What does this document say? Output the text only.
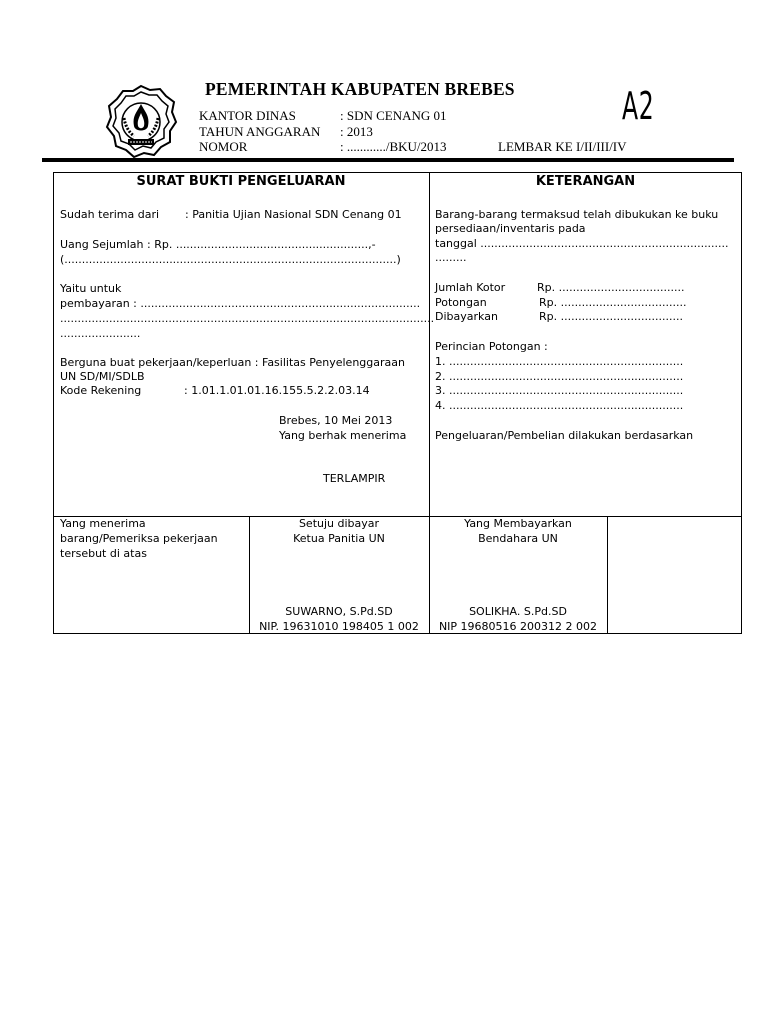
PEMERINTAH KABUPATEN BREBES
KANTOR DINAS	: SDN CENANG 01
TAHUN ANGGARAN : 2013
NOMOR	: ............/BKU/2013	LEMBAR KE I/II/III/IV
A2
SURAT BUKTI PENGELUARAN
Sudah terima dari : Panitia Ujian Nasional SDN Cenang 01
Uang Sejumlah : Rp. .......................................................,-
(...............................................................................................)
Yaitu untuk
pembayaran : ................................................................................
...........................................................................................................
.......................
Berguna buat pekerjaan/keperluan : Fasilitas Penyelenggaraan
UN SD/MI/SDLB
Kode Rekening	: 1.01.1.01.01.16.155.5.2.2.03.14
Brebes, 10 Mei 2013
Yang berhak menerima
TERLAMPIR
KETERANGAN
Barang-barang termaksud telah dibukukan ke buku
persediaan/inventaris pada
tanggal .......................................................................
.........
Jumlah Kotor	Rp. ....................................
Potongan	Rp. ....................................
Dibayarkan	Rp. ...................................
Perincian Potongan :
1. ...................................................................
2. ...................................................................
3. ...................................................................
4. ...................................................................
Pengeluaran/Pembelian dilakukan berdasarkan
Yang menerima
barang/Pemeriksa pekerjaan
tersebut di atas
Setuju dibayar
Ketua Panitia UN
SUWARNO, S.Pd.SD
NIP. 19631010 198405 1 002
Yang Membayarkan
Bendahara UN
SOLIKHA. S.Pd.SD
NIP 19680516 200312 2 002
